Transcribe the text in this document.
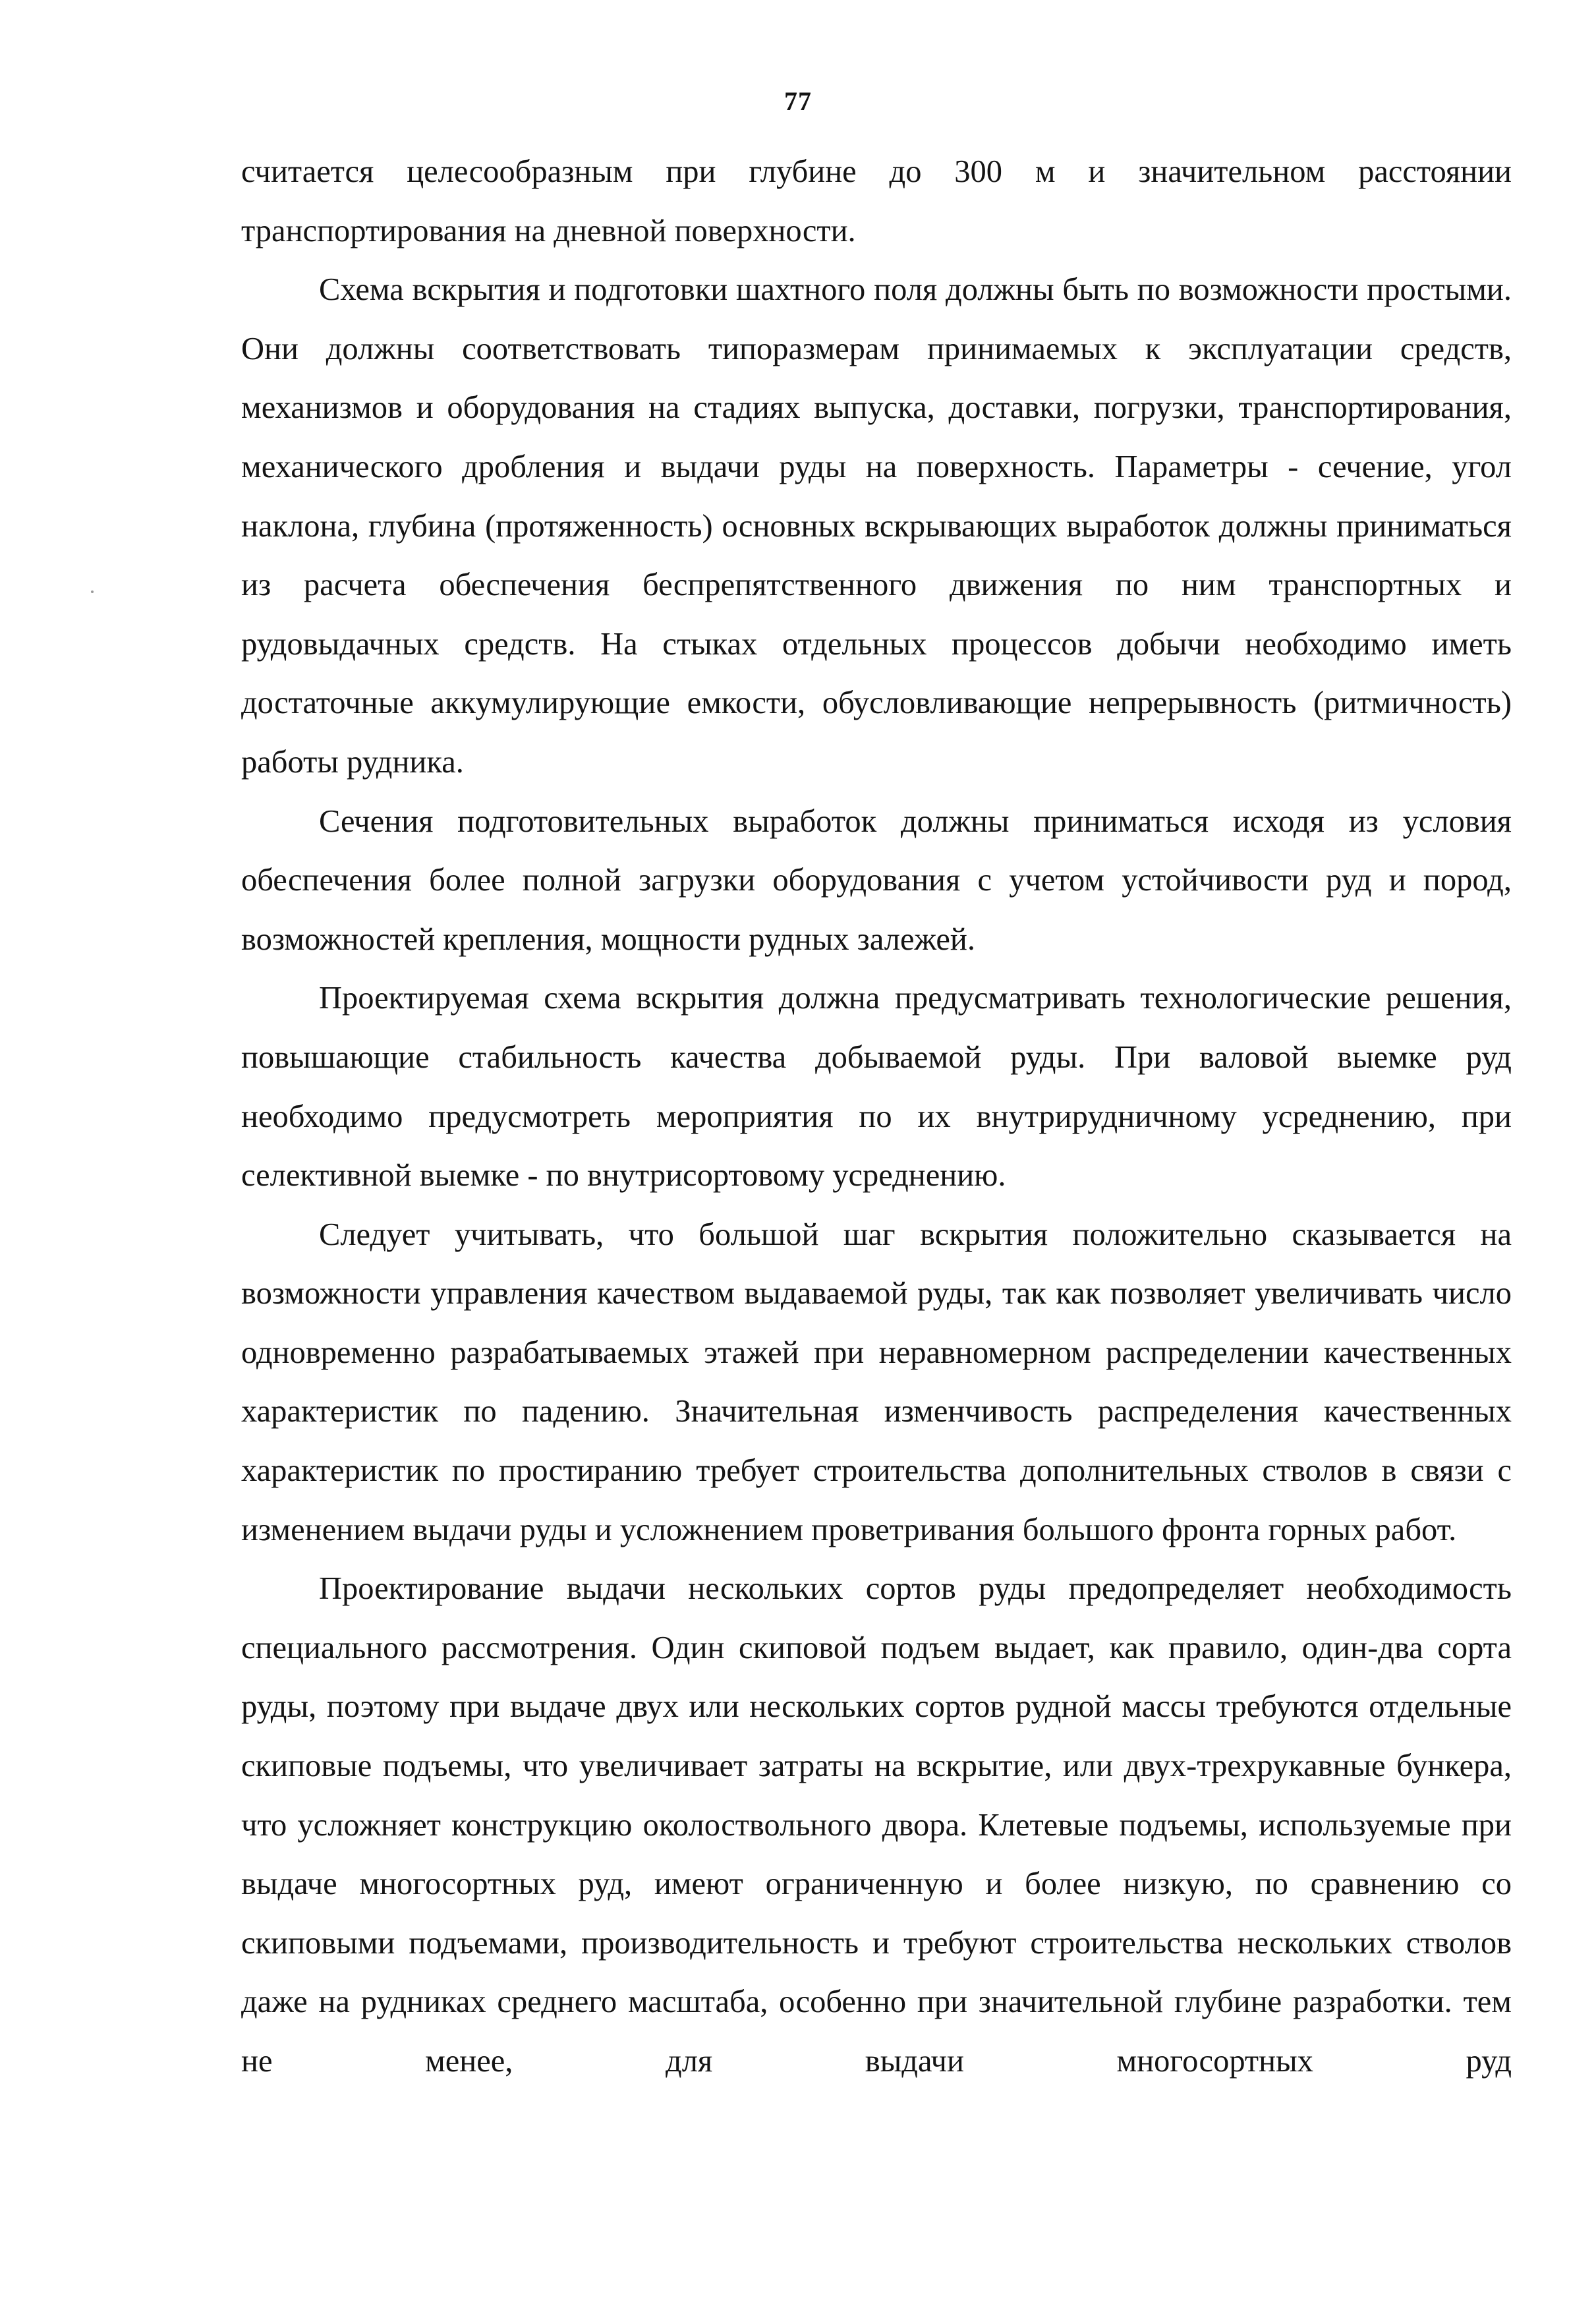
77

считается целесообразным при глубине до 300 м и значительном расстоянии транспортирования на дневной поверхности.

Схема вскрытия и подготовки шахтного поля должны быть по возможности простыми. Они должны соответствовать типоразмерам принимаемых к эксплуатации средств, механизмов и оборудования на стадиях выпуска, доставки, погрузки, транспортирования, механического дробления и выдачи руды на поверхность. Параметры - сечение, угол наклона, глубина (протяженность) основных вскрывающих выработок должны приниматься из расчета обеспечения беспрепятственного движения по ним транспортных и рудовыдачных средств. На стыках отдельных процессов добычи необходимо иметь достаточные аккумулирующие емкости, обусловливающие непрерывность (ритмичность) работы рудника.

Сечения подготовительных выработок должны приниматься исходя из условия обеспечения более полной загрузки оборудования с учетом устойчивости руд и пород, возможностей крепления, мощности рудных залежей.

Проектируемая схема вскрытия должна предусматривать технологические решения, повышающие стабильность качества добываемой руды. При валовой выемке руд необходимо предусмотреть мероприятия по их внутрирудничному усреднению, при селективной выемке - по внутрисортовому усреднению.

Следует учитывать, что большой шаг вскрытия положительно сказывается на возможности управления качеством выдаваемой руды, так как позволяет увеличивать число одновременно разрабатываемых этажей при неравномерном распределении качественных характеристик по падению. Значительная изменчивость распределения качественных характеристик по простиранию требует строительства дополнительных стволов в связи с изменением выдачи руды и усложнением проветривания большого фронта горных работ.

Проектирование выдачи нескольких сортов руды предопределяет необходимость специального рассмотрения. Один скиповой подъем выдает, как правило, один-два сорта руды, поэтому при выдаче двух или нескольких сортов рудной массы требуются отдельные скиповые подъемы, что увеличивает затраты на вскрытие, или двух-трехрукавные бункера, что усложняет конструкцию околоствольного двора. Клетевые подъемы, используемые при выдаче многосортных руд, имеют ограниченную и более низкую, по сравнению со скиповыми подъемами, производительность и требуют строительства нескольких стволов даже на рудниках среднего масштаба, особенно при значительной глубине разработки. тем не менее, для выдачи многосортных руд
